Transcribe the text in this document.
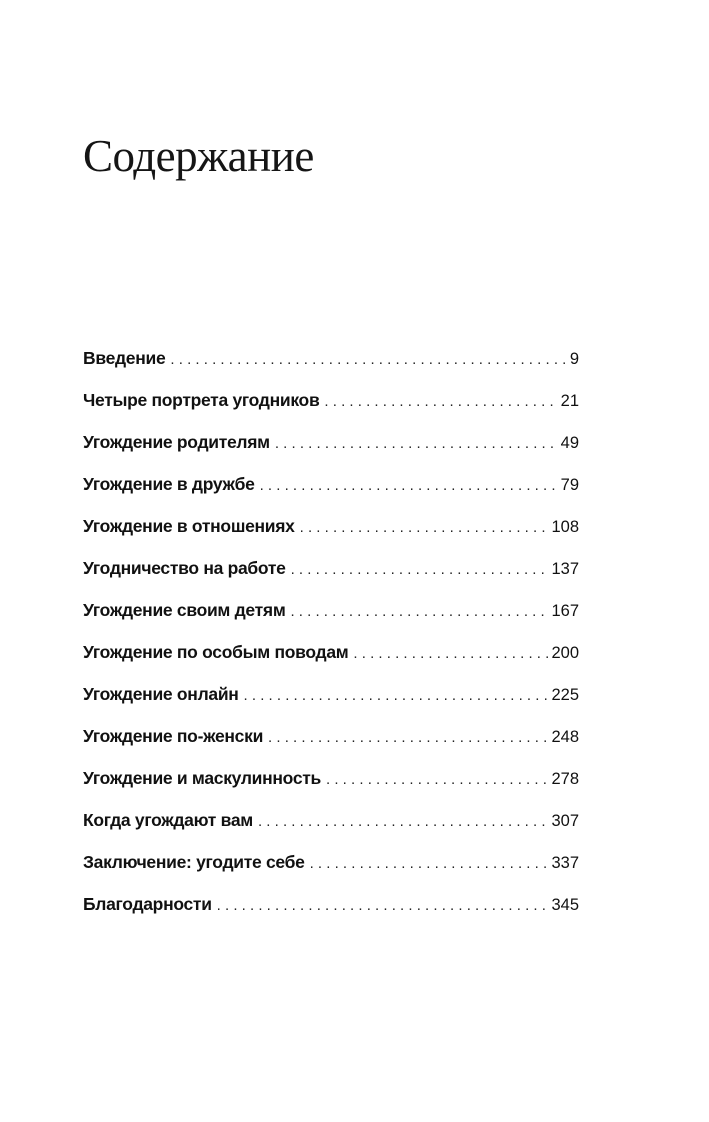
Содержание
Введение . . .	9
Четыре портрета угодников . . .	21
Угождение родителям . . .	49
Угождение в дружбе . . .	79
Угождение в отношениях . . .	108
Угодничество на работе . . .	137
Угождение своим детям . . .	167
Угождение по особым поводам . . .	200
Угождение онлайн . . .	225
Угождение по-женски . . .	248
Угождение и маскулинность . . .	278
Когда угождают вам . . .	307
Заключение: угодите себе . . .	337
Благодарности . . .	345
